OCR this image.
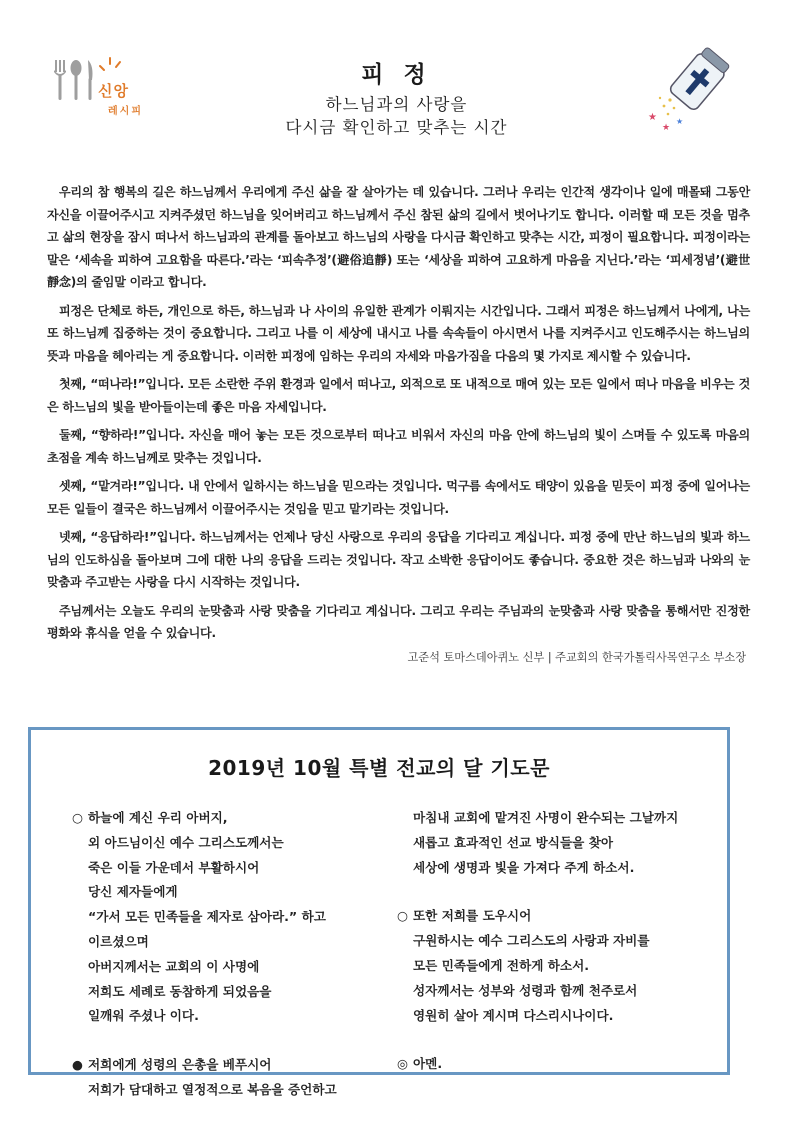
신앙
레시피
피 정
하느님과의 사랑을
다시금 확인하고 맞추는 시간
★
★
★

우리의 참 행복의 길은 하느님께서 우리에게 주신 삶을 잘 살아가는 데 있습니다. 그러나 우리는 인간적 생각이나 일에 매몰돼 그동안 자신을 이끌어주시고 지켜주셨던 하느님을 잊어버리고 하느님께서 주신 참된 삶의 길에서 벗어나기도 합니다. 이러할 때 모든 것을 멈추고 삶의 현장을 잠시 떠나서 하느님과의 관계를 돌아보고 하느님의 사랑을 다시금 확인하고 맞추는 시간, 피정이 필요합니다. 피정이라는 말은 ‘세속을 피하여 고요함을 따른다.’라는 ‘피속추정’(避俗追靜) 또는 ‘세상을 피하여 고요하게 마음을 지닌다.’라는 ‘피세정념’(避世靜念)의 줄임말 이라고 합니다.

피정은 단체로 하든, 개인으로 하든, 하느님과 나 사이의 유일한 관계가 이뤄지는 시간입니다. 그래서 피정은 하느님께서 나에게, 나는 또 하느님께 집중하는 것이 중요합니다. 그리고 나를 이 세상에 내시고 나를 속속들이 아시면서 나를 지켜주시고 인도해주시는 하느님의 뜻과 마음을 헤아리는 게 중요합니다. 이러한 피정에 임하는 우리의 자세와 마음가짐을 다음의 몇 가지로 제시할 수 있습니다.

첫째, “떠나라!”입니다. 모든 소란한 주위 환경과 일에서 떠나고, 외적으로 또 내적으로 매여 있는 모든 일에서 떠나 마음을 비우는 것은 하느님의 빛을 받아들이는데 좋은 마음 자세입니다.

둘째, “향하라!”입니다. 자신을 매어 놓는 모든 것으로부터 떠나고 비워서 자신의 마음 안에 하느님의 빛이 스며들 수 있도록 마음의 초점을 계속 하느님께로 맞추는 것입니다.

셋째, “맡겨라!”입니다. 내 안에서 일하시는 하느님을 믿으라는 것입니다. 먹구름 속에서도 태양이 있음을 믿듯이 피정 중에 일어나는 모든 일들이 결국은 하느님께서 이끌어주시는 것임을 믿고 맡기라는 것입니다.

넷째, “응답하라!”입니다. 하느님께서는 언제나 당신 사랑으로 우리의 응답을 기다리고 계십니다. 피정 중에 만난 하느님의 빛과 하느님의 인도하심을 돌아보며 그에 대한 나의 응답을 드리는 것입니다. 작고 소박한 응답이어도 좋습니다. 중요한 것은 하느님과 나와의 눈맞춤과 주고받는 사랑을 다시 시작하는 것입니다.

주님께서는 오늘도 우리의 눈맞춤과 사랑 맞춤을 기다리고 계십니다. 그리고 우리는 주님과의 눈맞춤과 사랑 맞춤을 통해서만 진정한 평화와 휴식을 얻을 수 있습니다.

고준석 토마스데아퀴노 신부 | 주교회의 한국가톨릭사목연구소 부소장
2019년 10월 특별 전교의 달 기도문
○ 하늘에 계신 우리 아버지,
외 아드님이신 예수 그리스도께서는
죽은 이들 가운데서 부활하시어
당신 제자들에게
“가서 모든 민족들을 제자로 삼아라.” 하고
이르셨으며
아버지께서는 교회의 이 사명에
저희도 세례로 동참하게 되었음을
일깨워 주셨나 이다.
● 저희에게 성령의 은총을 베푸시어
저희가 담대하고 열정적으로 복음을 증언하고
마침내 교회에 맡겨진 사명이 완수되는 그날까지
새롭고 효과적인 선교 방식들을 찾아
세상에 생명과 빛을 가져다 주게 하소서.
○ 또한 저희를 도우시어
구원하시는 예수 그리스도의 사랑과 자비를
모든 민족들에게 전하게 하소서.
성자께서는 성부와 성령과 함께 천주로서
영원히 살아 계시며 다스리시나이다.
◎ 아멘.
